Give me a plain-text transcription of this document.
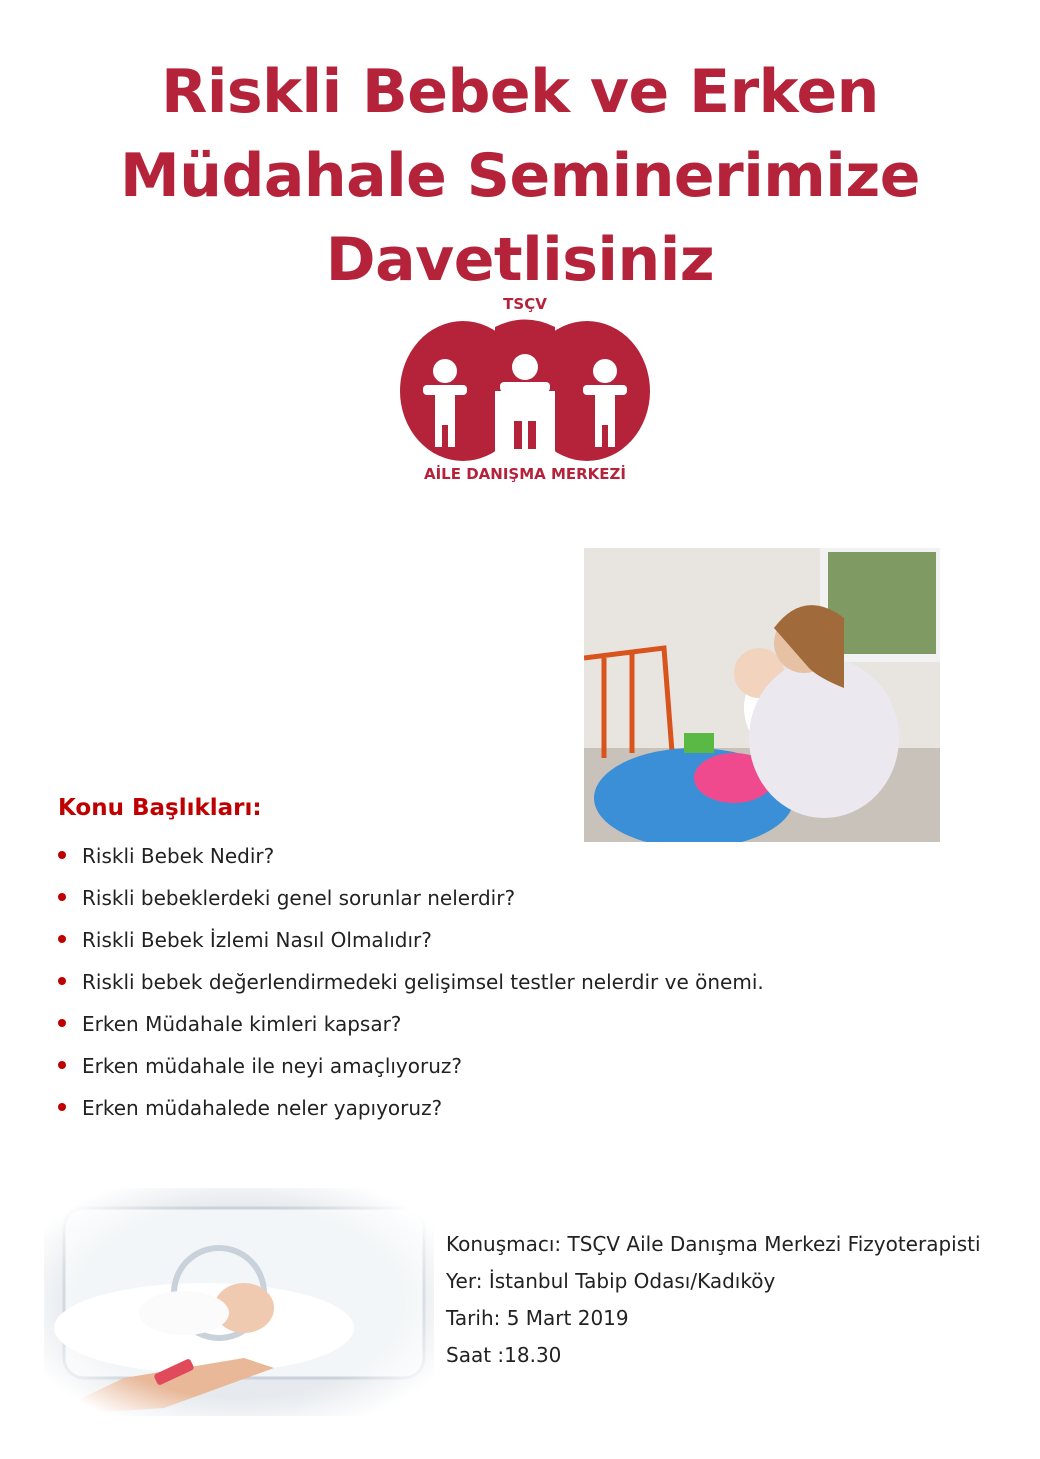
Riskli Bebek ve Erken
Müdahale Seminerimize
Davetlisiniz
TSÇV
AİLE DANIŞMA MERKEZİ
Konu Başlıkları:
Riskli Bebek Nedir?
Riskli bebeklerdeki genel sorunlar nelerdir?
Riskli Bebek İzlemi Nasıl Olmalıdır?
Riskli bebek değerlendirmedeki gelişimsel testler nelerdir ve önemi.
Erken Müdahale kimleri kapsar?
Erken müdahale ile neyi amaçlıyoruz?
Erken müdahalede neler yapıyoruz?
Konuşmacı: TSÇV Aile Danışma Merkezi Fizyoterapisti
Yer: İstanbul Tabip Odası/Kadıköy
Tarih: 5 Mart 2019
Saat :18.30
